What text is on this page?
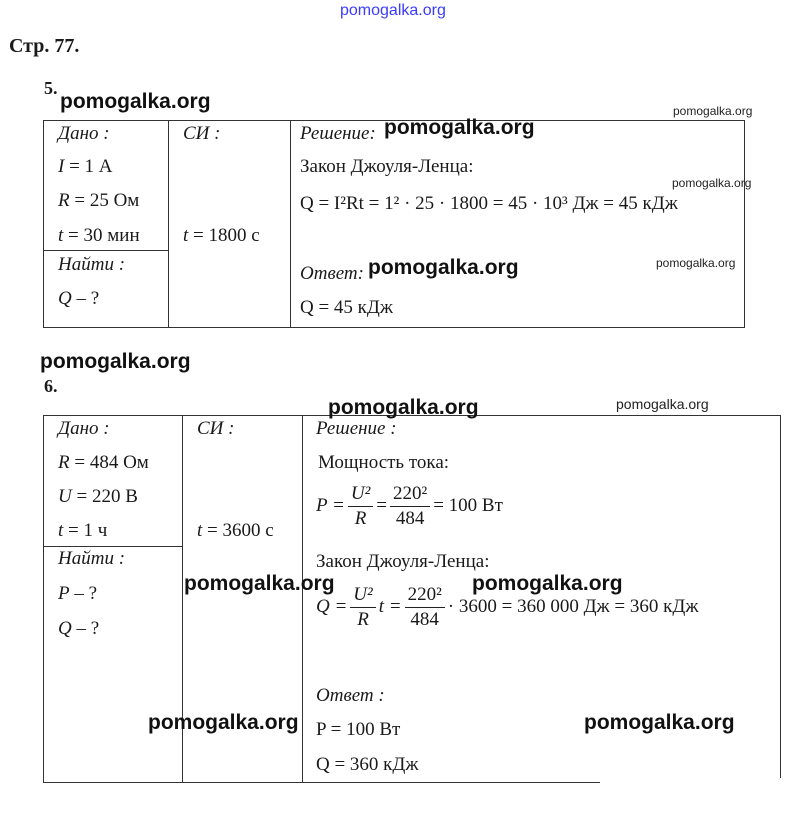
pomogalka.org
Стр. 77.
5.
Дано :
I = 1 А
R = 25 Ом
t = 30 мин
Найти :
Q – ?
СИ :
t = 1800 с
Решение:
Закон Джоуля-Ленца:
Q = I²Rt = 1² · 25 · 1800 = 45 · 10³ Дж = 45 кДж
Ответ:
Q = 45 кДж
6.
Дано :
R = 484 Ом
U = 220 В
t = 1 ч
Найти :
P – ?
Q – ?
СИ :
t = 3600 с
Решение :
Мощность тока:
$P = \frac{\text{U²}}{R} = \frac{\text{220²}}{484} = 100$ Вт
Закон Джоуля-Ленца:
$Q = \frac{\text{U²}}{R}$ $t = \frac{\text{220²}}{484} \cdot 3600 = 360$ 000 Дж = 360 кДж
Ответ :
P = 100 Вт
Q = 360 кДж
pomogalka.org	pomogalka.org
pomogalka.org
pomogalka.org
pomogalka.org
pomogalka.org
pomogalka.org
pomogalka.org	pomogalka.org
pomogalka.org	pomogalka.org
pomogalka.org	pomogalka.org
